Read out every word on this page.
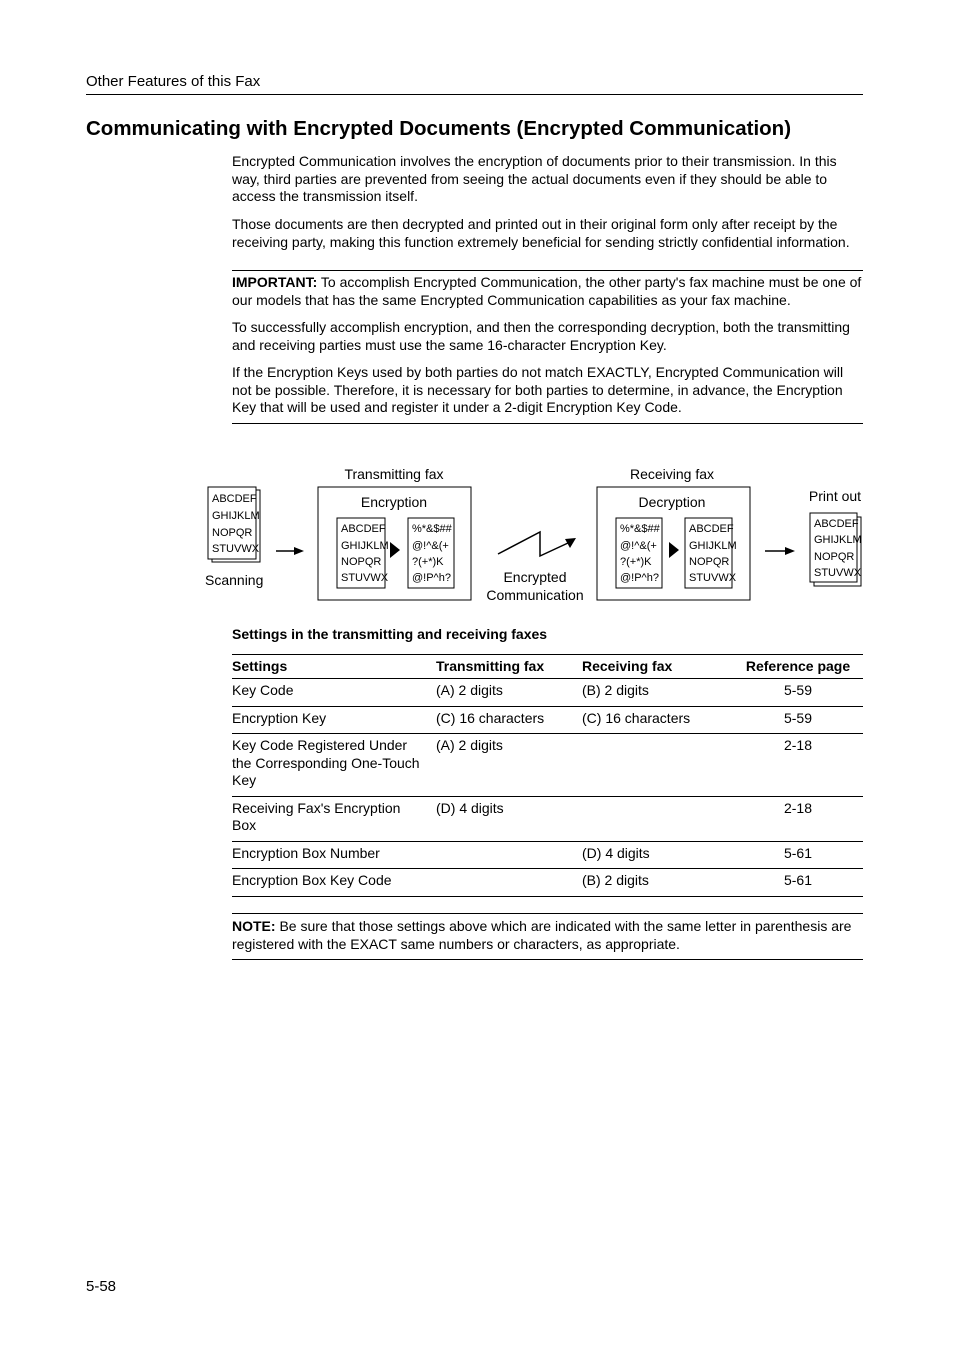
Other Features of this Fax
Communicating with Encrypted Documents (Encrypted Communication)

Encrypted Communication involves the encryption of documents prior to their transmission. In this way, third parties are prevented from seeing the actual documents even if they should be able to access the transmission itself.

Those documents are then decrypted and printed out in their original form only after receipt by the receiving party, making this function extremely beneficial for sending strictly confidential information.

IMPORTANT: To accomplish Encrypted Communication, the other party's fax machine must be one of our models that has the same Encrypted Communication capabilities as your fax machine.

To successfully accomplish encryption, and then the corresponding decryption, both the transmitting and receiving parties must use the same 16-character Encryption Key.

If the Encryption Keys used by both parties do not match EXACTLY, Encrypted Communication will not be possible. Therefore, it is necessary for both parties to determine, in advance, the Encryption Key that will be used and register it under a 2-digit Encryption Key Code.

Transmitting fax	Receiving fax
ABCDEF
GHIJKLM
NOPQR
STUVWX
Scanning
Encryption
ABCDEF
GHIJKLM
NOPQR
STUVWX
%*&$##
@!^&(+
?(+*)K
@!P^h?	Encrypted
Communication
Decryption
%*&$##
@!^&(+
?(+*)K
@!P^h?
ABCDEF
GHIJKLM
NOPQR
STUVWX
Print out
ABCDEF
GHIJKLM
NOPQR
STUVWX
Settings in the transmitting and receiving faxes
Settings	Transmitting fax	Receiving fax	Reference page
Key Code	(A) 2 digits	(B) 2 digits	5-59
Encryption Key	(C) 16 characters	(C) 16 characters	5-59
Key Code Registered Under the Corresponding One-Touch Key	(A) 2 digits		2-18
Receiving Fax's Encryption Box	(D) 4 digits		2-18
Encryption Box Number		(D) 4 digits	5-61
Encryption Box Key Code		(B) 2 digits	5-61

NOTE: Be sure that those settings above which are indicated with the same letter in parenthesis are registered with the EXACT same numbers or characters, as appropriate.

5-58
